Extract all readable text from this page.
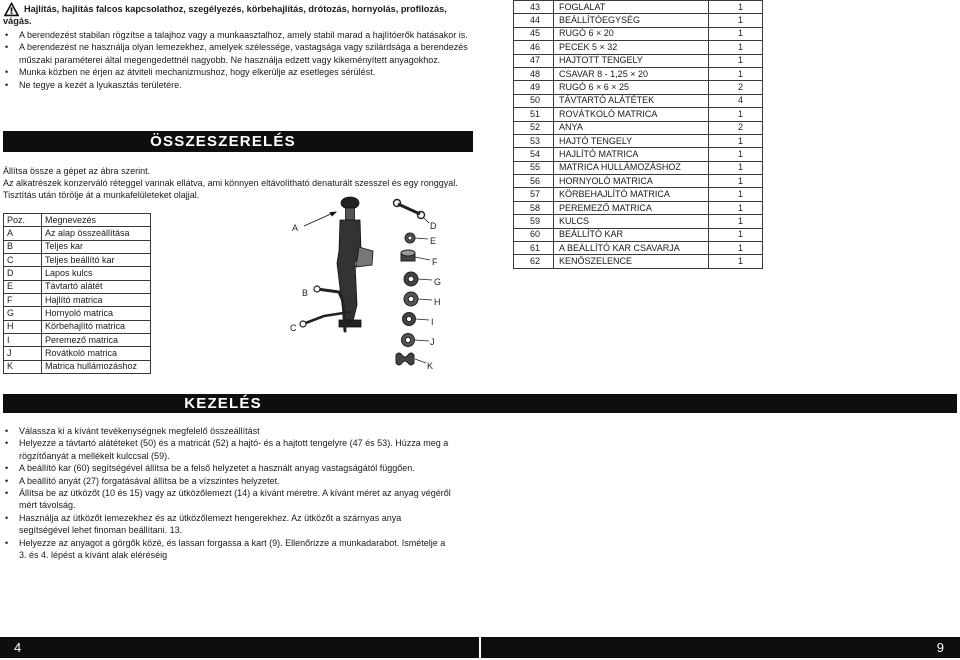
Hajlítás, hajlítás falcos kapcsolathoz, szegélyezés, körbehajlítás, drótozás, hornyolás, profilozás, vágás.
• A berendezést stabilan rögzítse a talajhoz vagy a munkaasztalhoz, amely stabil marad a hajlítóerők hatásakor is.
• A berendezést ne használja olyan lemezekhez, amelyek szélessége, vastagsága vagy szilárdsága a berendezés műszaki paraméterei által megengedettnél nagyobb. Ne használja edzett vagy kikeményített anyagokhoz.
• Munka közben ne érjen az átviteli mechanizmushoz, hogy elkerülje az esetleges sérülést.
• Ne tegye a kezét a lyukasztás területére.
ÖSSZESZERELÉS

Állítsa össze a gépet az ábra szerint.

Az alkatrészek konzerváló réteggel vannak ellátva, ami könnyen eltávolítható denaturált szesszel és egy ronggyal.

Tisztítás után törölje át a munkafelületeket olajjal.

Poz.	Megnevezés
A	Az alap összeállítása
B	Teljes kar
C	Teljes beállító kar
D	Lapos kulcs
E	Távtartó alátét
F	Hajlító matrica
G	Hornyoló matrica
H	Körbehajlító matrica
I	Peremező matrica
J	Rovátkoló matrica
K	Matrica hullámozáshoz
A
B
C
D
E
F
G
H
I
J
K
KEZELÉS
• Válassza ki a kívánt tevékenységnek megfelelő összeállítást
• Helyezze a távtartó alátéteket (50) és a matricát (52) a hajtó- és a hajtott tengelyre (47 és 53). Húzza meg a rögzítőanyát a mellékelt kulccsal (59).
• A beállító kar (60) segítségével állítsa be a felső helyzetet a használt anyag vastagságától függően.
• A beállító anyát (27) forgatásával állítsa be a vízszintes helyzetet.
• Állítsa be az ütközőt (10 és 15) vagy az ütközőlemezt (14) a kívánt méretre. A kívánt méret az anyag végéről mért távolság.
• Használja az ütközőt lemezekhez és az ütközőlemezt hengerekhez. Az ütközőt a szárnyas anya segítségével lehet finoman beállítani. 13.
• Helyezze az anyagot a görgők közé, és lassan forgassa a kart (9). Ellenőrizze a munkadarabot. Ismételje a 3. és 4. lépést a kívánt alak eléréséig
43	FOGLALAT	1
44	BEÁLLÍTÓEGYSÉG	1
45	RUGÓ 6 × 20	1
46	PECEK 5 × 32	1
47	HAJTOTT TENGELY	1
48	CSAVAR 8 - 1,25 × 20	1
49	RUGÓ 6 × 6 × 25	2
50	TÁVTARTÓ ALÁTÉTEK	4
51	ROVÁTKOLÓ MATRICA	1
52	ANYA	2
53	HAJTÓ TENGELY	1
54	HAJLÍTÓ MATRICA	1
55	MATRICA HULLÁMOZÁSHOZ	1
56	HORNYOLÓ MATRICA	1
57	KÖRBEHAJLÍTÓ MATRICA	1
58	PEREMEZŐ MATRICA	1
59	KULCS	1
60	BEÁLLÍTÓ KAR	1
61	A BEÁLLÍTÓ KAR CSAVARJA	1
62	KENŐSZELENCE	1
4	9
